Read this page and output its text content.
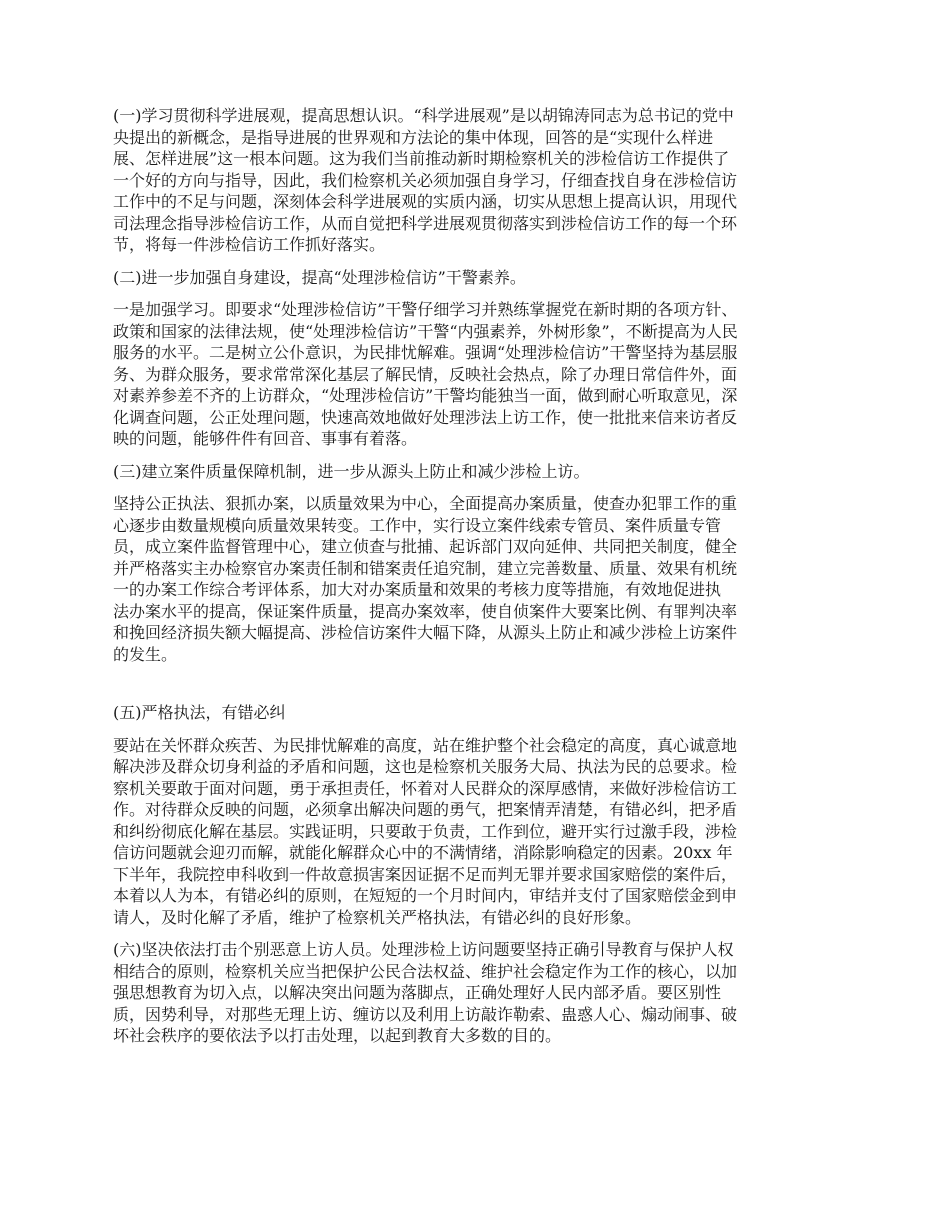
(一)学习贯彻科学进展观，提高思想认识。“科学进展观”是以胡锦涛同志为总书记的党中
央提出的新概念，是指导进展的世界观和方法论的集中体现，回答的是“实现什么样进
展、怎样进展”这一根本问题。这为我们当前推动新时期检察机关的涉检信访工作提供了
一个好的方向与指导，因此，我们检察机关必须加强自身学习，仔细查找自身在涉检信访
工作中的不足与问题，深刻体会科学进展观的实质内涵，切实从思想上提高认识，用现代
司法理念指导涉检信访工作，从而自觉把科学进展观贯彻落实到涉检信访工作的每一个环
节，将每一件涉检信访工作抓好落实。

(二)进一步加强自身建设，提高“处理涉检信访”干警素养。

一是加强学习。即要求“处理涉检信访”干警仔细学习并熟练掌握党在新时期的各项方针、
政策和国家的法律法规，使“处理涉检信访”干警“内强素养，外树形象”，不断提高为人民
服务的水平。二是树立公仆意识，为民排忧解难。强调“处理涉检信访”干警坚持为基层服
务、为群众服务，要求常常深化基层了解民情，反映社会热点，除了办理日常信件外，面
对素养参差不齐的上访群众，“处理涉检信访”干警均能独当一面，做到耐心听取意见，深
化调查问题，公正处理问题，快速高效地做好处理涉法上访工作，使一批批来信来访者反
映的问题，能够件件有回音、事事有着落。

(三)建立案件质量保障机制，进一步从源头上防止和减少涉检上访。

坚持公正执法、狠抓办案，以质量效果为中心，全面提高办案质量，使查办犯罪工作的重
心逐步由数量规模向质量效果转变。工作中，实行设立案件线索专管员、案件质量专管
员，成立案件监督管理中心，建立侦查与批捕、起诉部门双向延伸、共同把关制度，健全
并严格落实主办检察官办案责任制和错案责任追究制，建立完善数量、质量、效果有机统
一的办案工作综合考评体系，加大对办案质量和效果的考核力度等措施，有效地促进执
法办案水平的提高，保证案件质量，提高办案效率，使自侦案件大要案比例、有罪判决率
和挽回经济损失额大幅提高、涉检信访案件大幅下降，从源头上防止和减少涉检上访案件
的发生。

(五)严格执法，有错必纠

要站在关怀群众疾苦、为民排忧解难的高度，站在维护整个社会稳定的高度，真心诚意地
解决涉及群众切身利益的矛盾和问题，这也是检察机关服务大局、执法为民的总要求。检
察机关要敢于面对问题，勇于承担责任，怀着对人民群众的深厚感情，来做好涉检信访工
作。对待群众反映的问题，必须拿出解决问题的勇气，把案情弄清楚，有错必纠，把矛盾
和纠纷彻底化解在基层。实践证明，只要敢于负责，工作到位，避开实行过激手段，涉检
信访问题就会迎刃而解，就能化解群众心中的不满情绪，消除影响稳定的因素。20xx 年
下半年，我院控申科收到一件故意损害案因证据不足而判无罪并要求国家赔偿的案件后，
本着以人为本，有错必纠的原则，在短短的一个月时间内，审结并支付了国家赔偿金到申
请人，及时化解了矛盾，维护了检察机关严格执法，有错必纠的良好形象。

(六)坚决依法打击个别恶意上访人员。处理涉检上访问题要坚持正确引导教育与保护人权
相结合的原则，检察机关应当把保护公民合法权益、维护社会稳定作为工作的核心，以加
强思想教育为切入点，以解决突出问题为落脚点，正确处理好人民内部矛盾。要区别性
质，因势利导，对那些无理上访、缠访以及利用上访敲诈勒索、蛊惑人心、煽动闹事、破
坏社会秩序的要依法予以打击处理，以起到教育大多数的目的。
